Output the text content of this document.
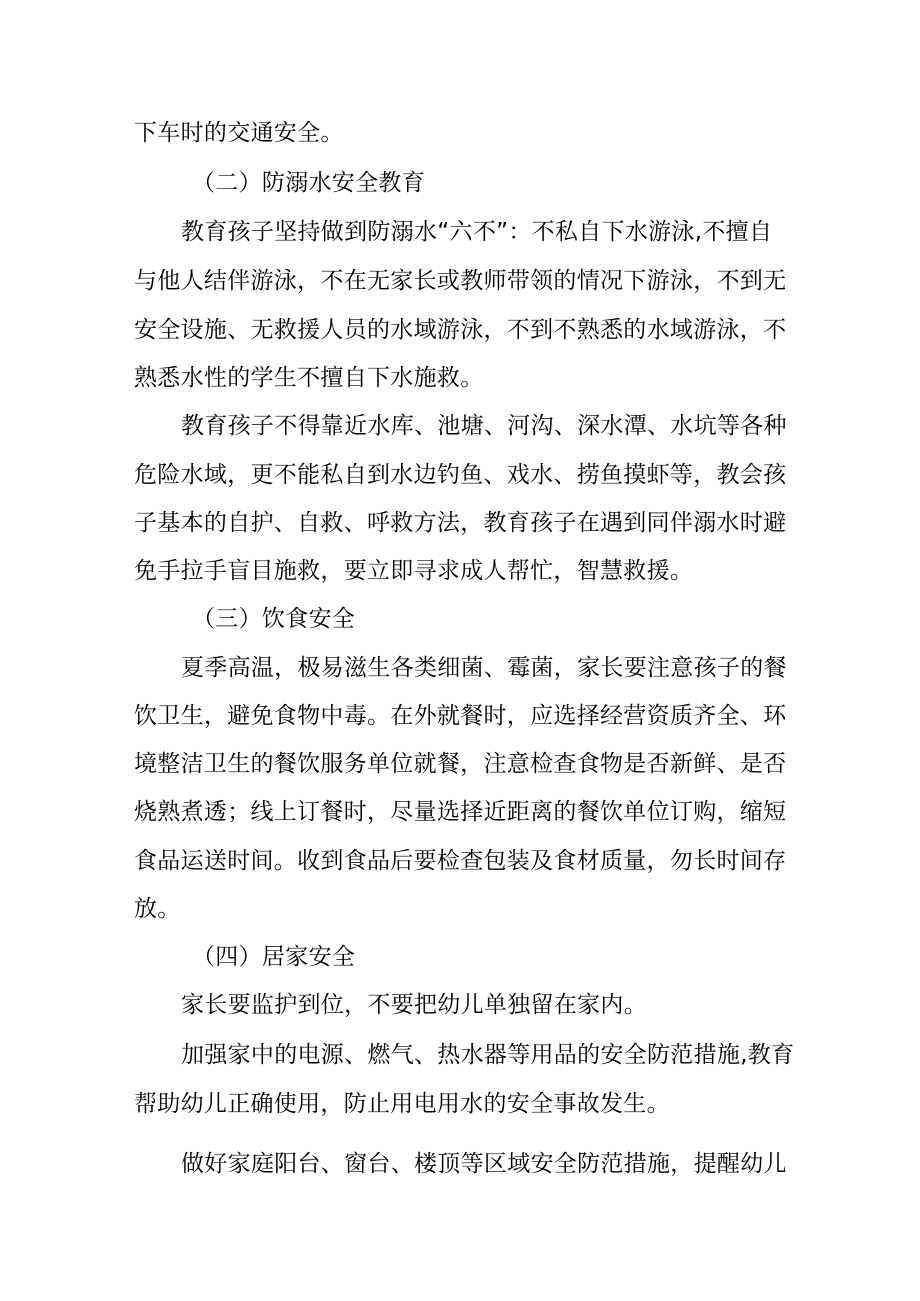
下车时的交通安全。
（二）防溺水安全教育
教育孩子坚持做到防溺水“六不”：不私自下水游泳,不擅自
与他人结伴游泳，不在无家长或教师带领的情况下游泳，不到无
安全设施、无救援人员的水域游泳，不到不熟悉的水域游泳，不
熟悉水性的学生不擅自下水施救。
教育孩子不得靠近水库、池塘、河沟、深水潭、水坑等各种
危险水域，更不能私自到水边钓鱼、戏水、捞鱼摸虾等，教会孩
子基本的自护、自救、呼救方法，教育孩子在遇到同伴溺水时避
免手拉手盲目施救，要立即寻求成人帮忙，智慧救援。
（三）饮食安全
夏季高温，极易滋生各类细菌、霉菌，家长要注意孩子的餐
饮卫生，避免食物中毒。在外就餐时，应选择经营资质齐全、环
境整洁卫生的餐饮服务单位就餐，注意检查食物是否新鲜、是否
烧熟煮透；线上订餐时，尽量选择近距离的餐饮单位订购，缩短
食品运送时间。收到食品后要检查包装及食材质量，勿长时间存
放。
（四）居家安全
家长要监护到位，不要把幼儿单独留在家内。
加强家中的电源、燃气、热水器等用品的安全防范措施,教育
帮助幼儿正确使用，防止用电用水的安全事故发生。
做好家庭阳台、窗台、楼顶等区域安全防范措施，提醒幼儿
